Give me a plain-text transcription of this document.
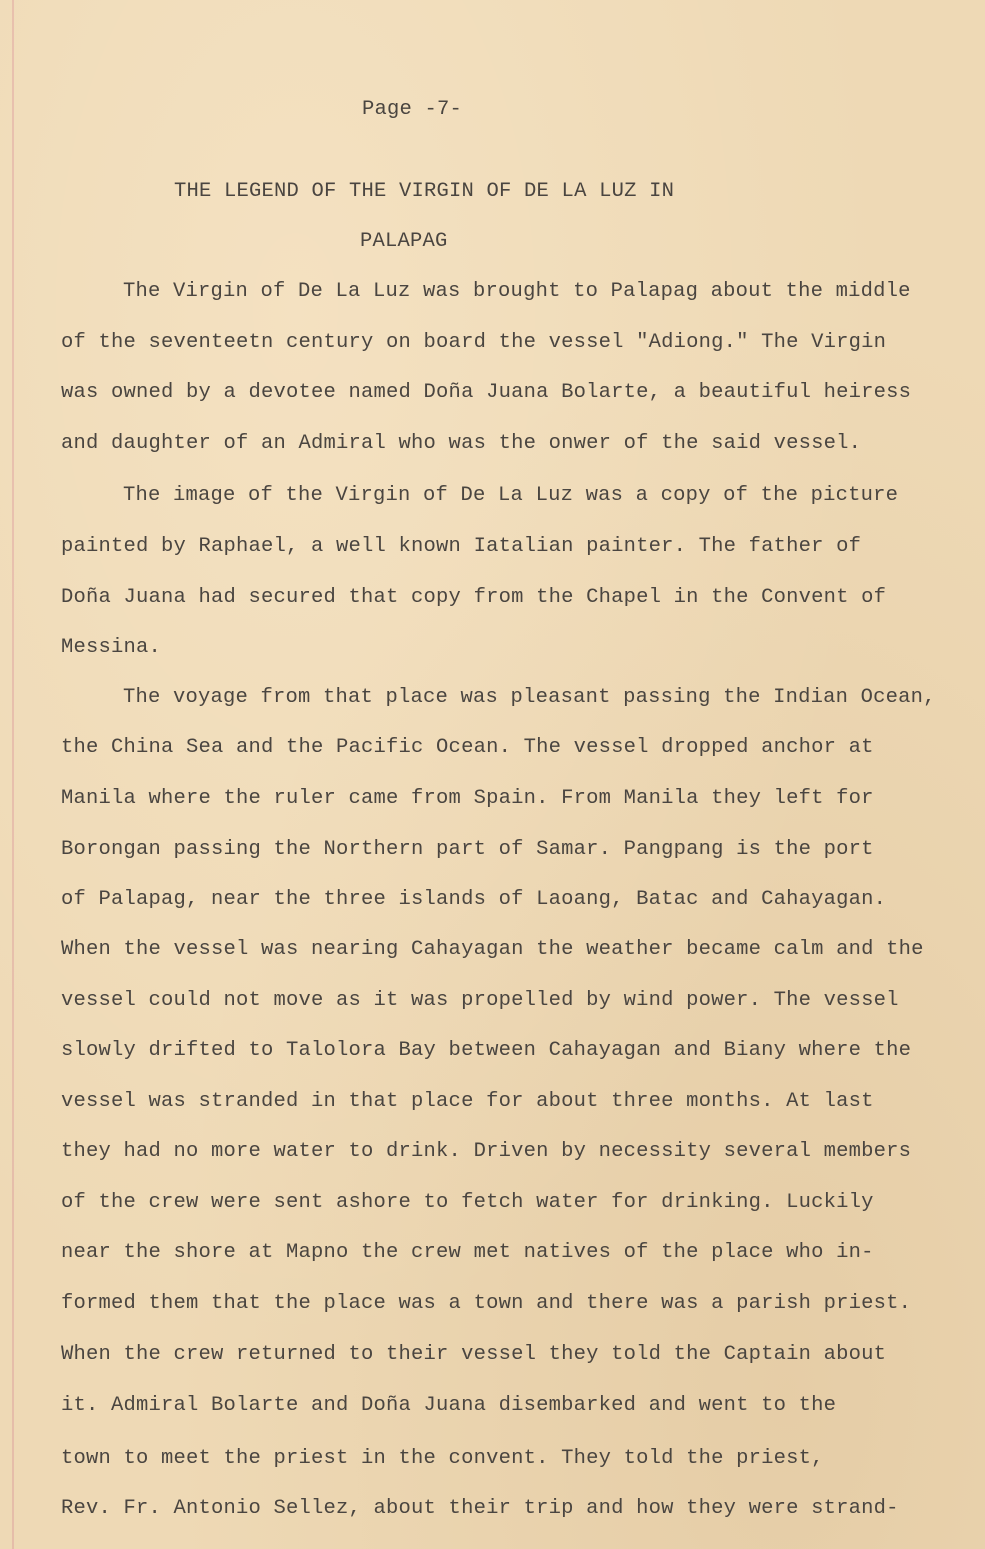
Page -7-
THE LEGEND OF THE VIRGIN OF DE LA LUZ IN
PALAPAG
The Virgin of De La Luz was brought to Palapag about the middle
of the seventeetn century on board the vessel "Adiong." The Virgin
was owned by a devotee named Doña Juana Bolarte, a beautiful heiress
and daughter of an Admiral who was the onwer of the said vessel.
The image of the Virgin of De La Luz was a copy of the picture
painted by Raphael, a well known Iatalian painter. The father of
Doña Juana had secured that copy from the Chapel in the Convent of
Messina.
The voyage from that place was pleasant passing the Indian Ocean,
the China Sea and the Pacific Ocean. The vessel dropped anchor at
Manila where the ruler came from Spain. From Manila they left for
Borongan passing the Northern part of Samar. Pangpang is the port
of Palapag, near the three islands of Laoang, Batac and Cahayagan.
When the vessel was nearing Cahayagan the weather became calm and the
vessel could not move as it was propelled by wind power. The vessel
slowly drifted to Talolora Bay between Cahayagan and Biany where the
vessel was stranded in that place for about three months. At last
they had no more water to drink. Driven by necessity several members
of the crew were sent ashore to fetch water for drinking. Luckily
near the shore at Mapno the crew met natives of the place who in-
formed them that the place was a town and there was a parish priest.
When the crew returned to their vessel they told the Captain about
it. Admiral Bolarte and Doña Juana disembarked and went to the
town to meet the priest in the convent. They told the priest,
Rev. Fr. Antonio Sellez, about their trip and how they were strand-
